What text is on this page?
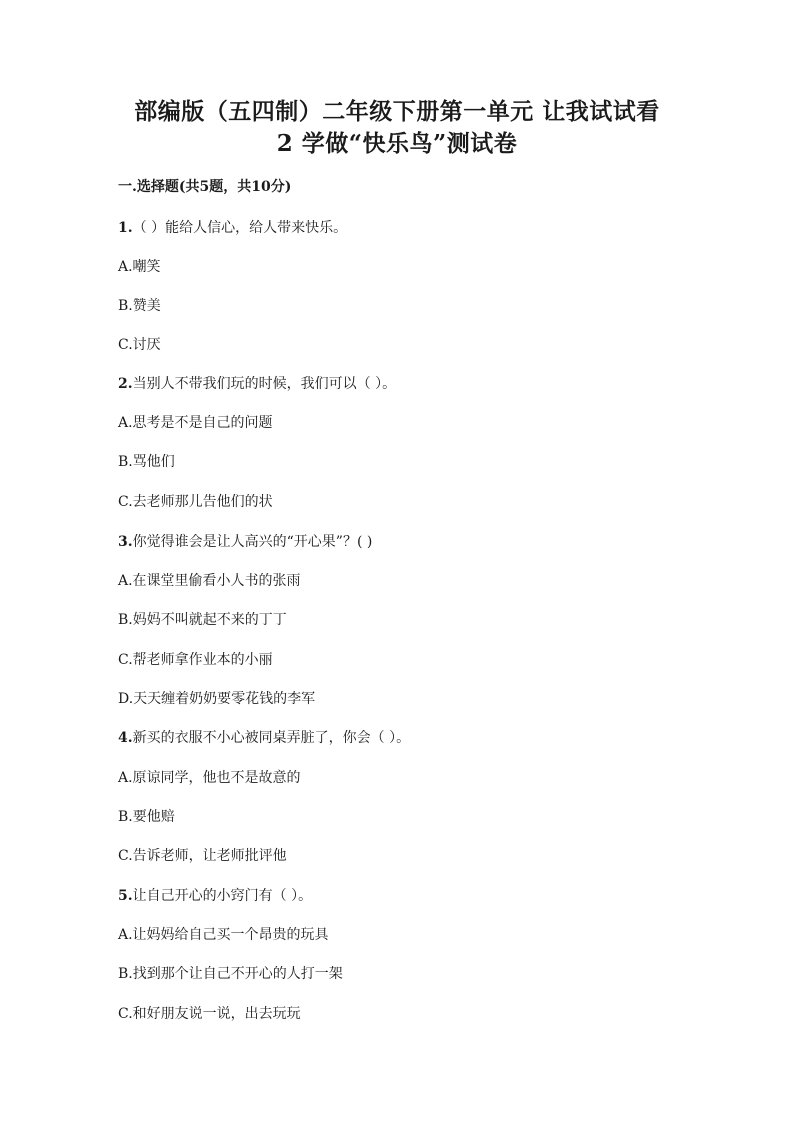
部编版（五四制）二年级下册第一单元 让我试试看
2 学做“快乐鸟”测试卷
一.选择题(共5题，共10分)
1.（ ）能给人信心，给人带来快乐。
A.嘲笑
B.赞美
C.讨厌
2.当别人不带我们玩的时候，我们可以（ ）。
A.思考是不是自己的问题
B.骂他们
C.去老师那儿告他们的状
3.你觉得谁会是让人高兴的“开心果”？( )
A.在课堂里偷看小人书的张雨
B.妈妈不叫就起不来的丁丁
C.帮老师拿作业本的小丽
D.天天缠着奶奶要零花钱的李军
4.新买的衣服不小心被同桌弄脏了，你会（ ）。
A.原谅同学，他也不是故意的
B.要他赔
C.告诉老师，让老师批评他
5.让自己开心的小窍门有（ ）。
A.让妈妈给自己买一个昂贵的玩具
B.找到那个让自己不开心的人打一架
C.和好朋友说一说，出去玩玩
